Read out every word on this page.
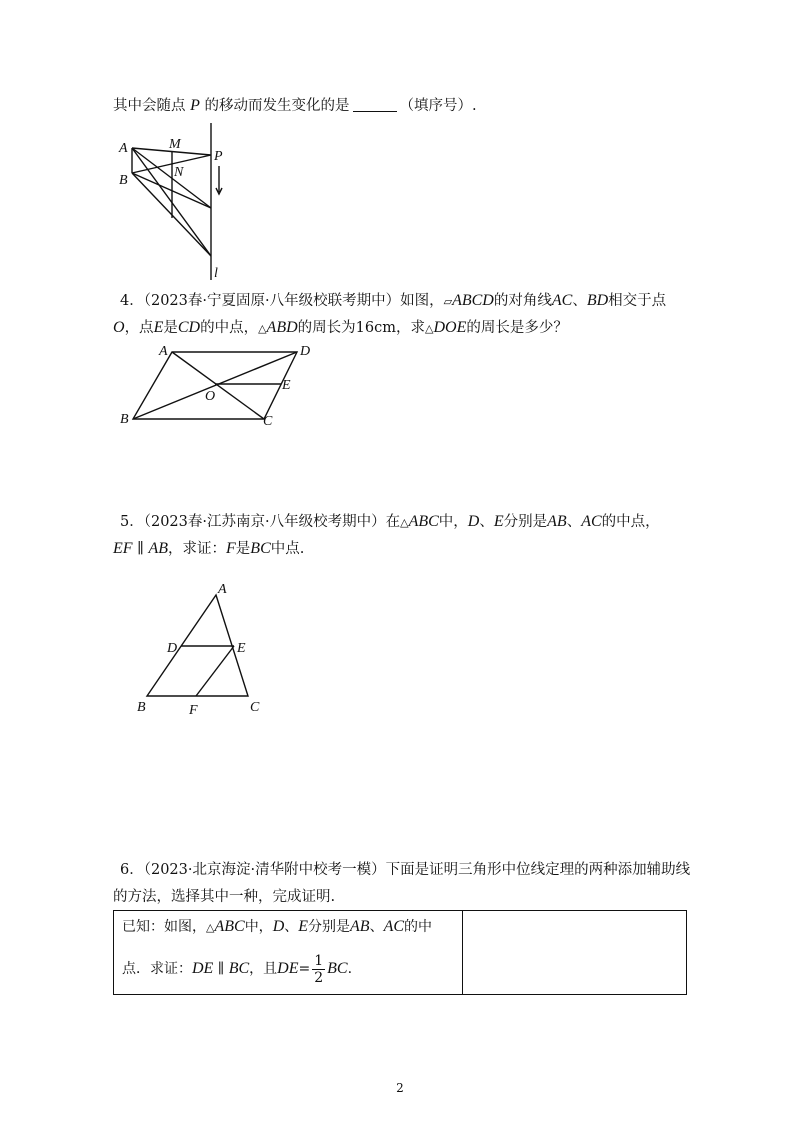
其中会随点 P 的移动而发生变化的是	（填序号）.
A
B
M
N
P
l
4．（2023春·宁夏固原·八年级校联考期中）如图，▱ABCD的对角线AC、BD相交于点
O，点E是CD的中点，△ABD的周长为16cm，求△DOE的周长是多少？
A	D
O
E
B	C
5．（2023春·江苏南京·八年级校考期中）在△ABC中，D、E分别是AB、AC的中点，
EF ∥ AB，求证：F是BC中点.
A
D	E
B	F	C
6．（2023·北京海淀·清华附中校考一模）下面是证明三角形中位线定理的两种添加辅助线
的方法，选择其中一种，完成证明.
已知：如图，△ABC中，D、E分别是AB、AC的中
点．求证：DE ∥ BC，且$DE= \frac{1}{2}$ BC.

2
